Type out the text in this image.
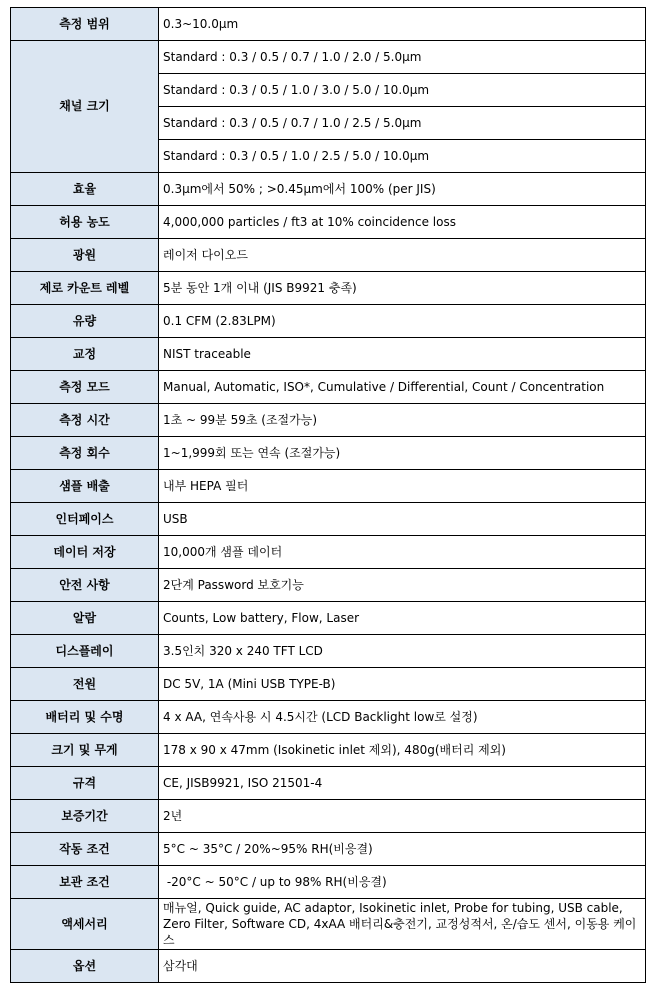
측정 범위	0.3~10.0μm
채널 크기	Standard : 0.3 / 0.5 / 0.7 / 1.0 / 2.0 / 5.0μm
	Standard : 0.3 / 0.5 / 1.0 / 3.0 / 5.0 / 10.0μm
	Standard : 0.3 / 0.5 / 0.7 / 1.0 / 2.5 / 5.0μm
	Standard : 0.3 / 0.5 / 1.0 / 2.5 / 5.0 / 10.0μm
효율	0.3μm에서 50% ; >0.45μm에서 100% (per JIS)
허용 농도	4,000,000 particles / ft3 at 10% coincidence loss
광원	레이저 다이오드
제로 카운트 레벨	5분 동안 1개 이내 (JIS B9921 충족)
유량	0.1 CFM (2.83LPM)
교정	NIST traceable
측정 모드	Manual, Automatic, ISO*, Cumulative / Differential, Count / Concentration
측정 시간	1초 ~ 99분 59초 (조절가능)
측정 회수	1~1,999회 또는 연속 (조절가능)
샘플 배출	내부 HEPA 필터
인터페이스	USB
데이터 저장	10,000개 샘플 데이터
안전 사항	2단계 Password 보호기능
알람	Counts, Low battery, Flow, Laser
디스플레이	3.5인치 320 x 240 TFT LCD
전원	DC 5V, 1A (Mini USB TYPE-B)
배터리 및 수명	4 x AA, 연속사용 시 4.5시간 (LCD Backlight low로 설정)
크기 및 무게	178 x 90 x 47mm (Isokinetic inlet 제외), 480g(배터리 제외)
규격	CE, JISB9921, ISO 21501-4
보증기간	2년
작동 조건	5°C ~ 35°C / 20%~95% RH(비응결)
보관 조건	-20°C ~ 50°C / up to 98% RH(비응결)
액세서리	매뉴얼, Quick guide, AC adaptor, Isokinetic inlet, Probe for tubing, USB cable, Zero Filter, Software CD, 4xAA 배터리&충전기, 교정성적서, 온/습도 센서, 이동용 케이스
옵션	삼각대
